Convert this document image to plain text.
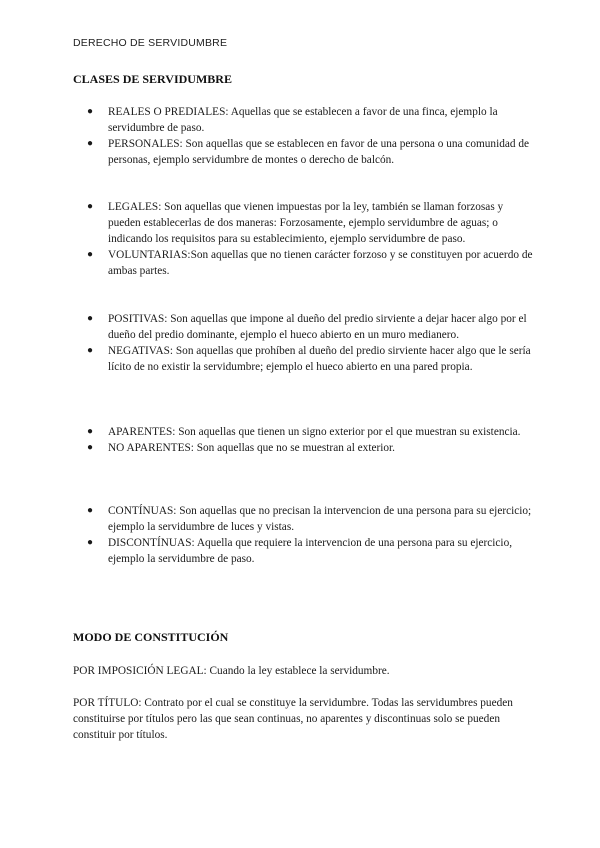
DERECHO DE SERVIDUMBRE
CLASES DE SERVIDUMBRE
● REALES O PREDIALES: Aquellas que se establecen a favor de una finca, ejemplo la servidumbre de paso.
● PERSONALES: Son aquellas que se establecen en favor de una persona o una comunidad de personas, ejemplo servidumbre de montes o derecho de balcón.
● LEGALES: Son aquellas que vienen impuestas por la ley, también se llaman forzosas y pueden establecerlas de dos maneras: Forzosamente, ejemplo servidumbre de aguas; o indicando los requisitos para su establecimiento, ejemplo servidumbre de paso.
● VOLUNTARIAS:Son aquellas que no tienen carácter forzoso y se constituyen por acuerdo de ambas partes.
● POSITIVAS: Son aquellas que impone al dueño del predio sirviente a dejar hacer algo por el dueño del predio dominante, ejemplo el hueco abierto en un muro medianero.
● NEGATIVAS: Son aquellas que prohíben al dueño del predio sirviente hacer algo que le sería lícito de no existir la servidumbre; ejemplo el hueco abierto en una pared propia.
● APARENTES: Son aquellas que tienen un signo exterior por el que muestran su existencia.
● NO APARENTES: Son aquellas que no se muestran al exterior.
● CONTÍNUAS: Son aquellas que no precisan la intervencion de una persona para su ejercicio; ejemplo la servidumbre de luces y vistas.
● DISCONTÍNUAS: Aquella que requiere la intervencion de una persona para su ejercicio, ejemplo la servidumbre de paso.
MODO DE CONSTITUCIÓN

POR IMPOSICIÓN LEGAL: Cuando la ley establece la servidumbre.

POR TÍTULO: Contrato por el cual se constituye la servidumbre. Todas las servidumbres pueden constituirse por títulos pero las que sean continuas, no aparentes y discontinuas solo se pueden constituir por títulos.
